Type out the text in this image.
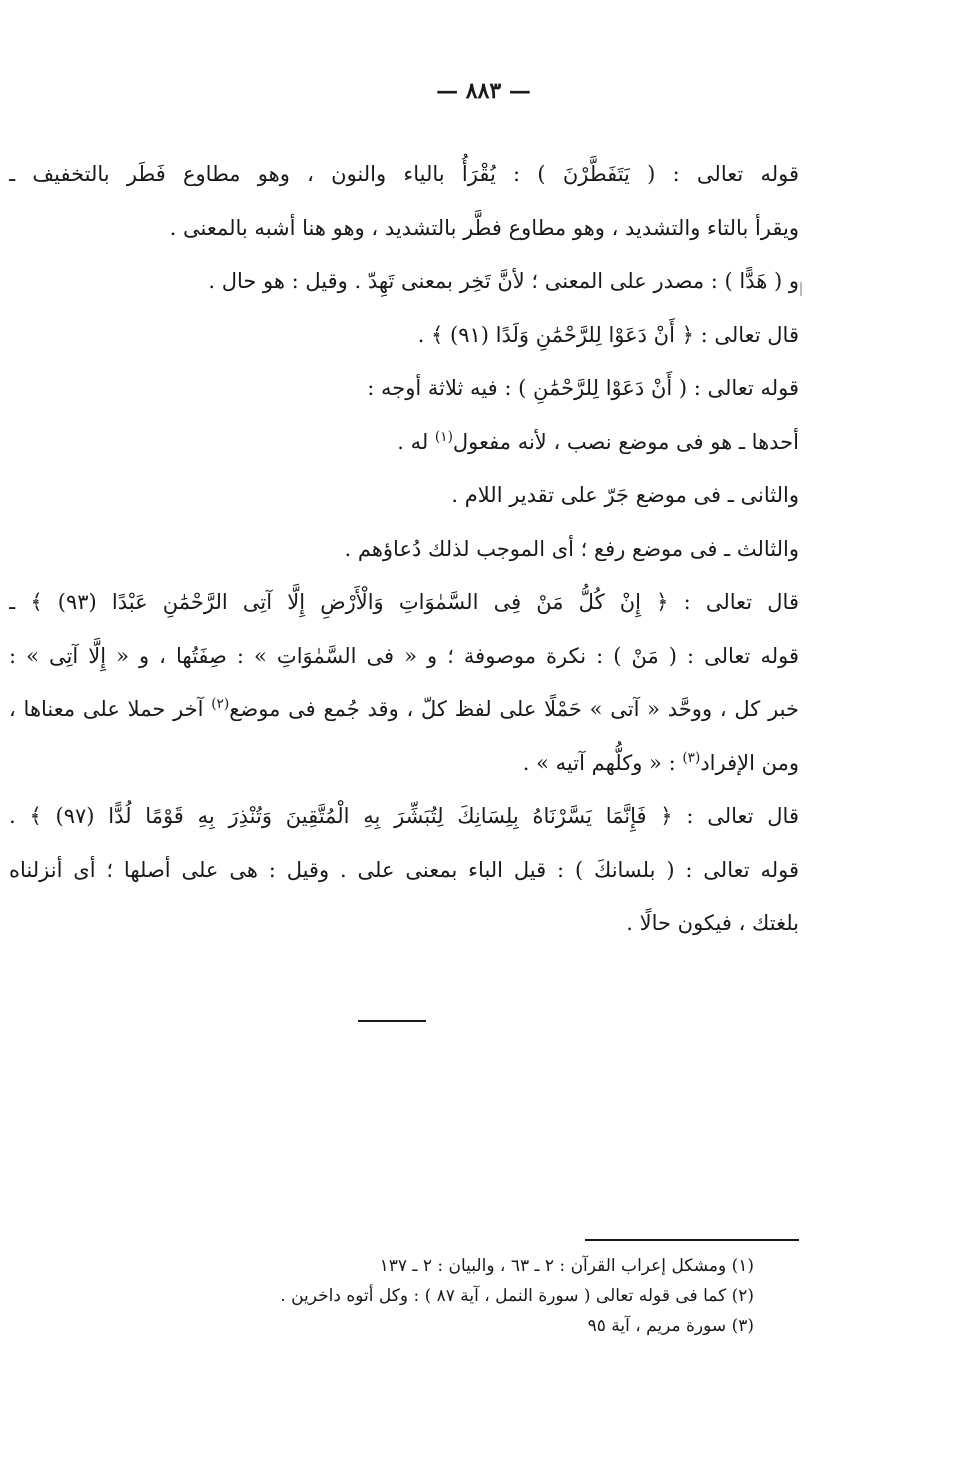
— ٨٨٣ —
قوله تعالى : ( يَتَفَطَّرْنَ ) : يُقْرَأُ بالياء والنون ، وهو مطاوع فَطَر بالتخفيف ـ
ويقرأ بالتاء والتشديد ، وهو مطاوع فطَّر بالتشديد ، وهو هنا أشبه بالمعنى .
و ( هَدًّا ) : مصدر على المعنى ؛ لأنَّ تَخِر بمعنى تَهِدّ . وقيل : هو حال .
قال تعالى : ﴿ أَنْ دَعَوْا لِلرَّحْمَٰنِ وَلَدًا (٩١) ﴾ .
قوله تعالى : ( أَنْ دَعَوْا لِلرَّحْمَٰنِ ) : فيه ثلاثة أوجه :
أحدها ـ هو فى موضع نصب ، لأنه مفعول$^{(١)}$ له .
والثانى ـ فى موضع جَرّ على تقدير اللام .
والثالث ـ فى موضع رفع ؛ أى الموجب لذلك دُعاؤهم .
قال تعالى : ﴿ إِنْ كُلُّ مَنْ فِى السَّمٰوَاتِ وَالْأَرْضِ إِلَّا آتِى الرَّحْمَٰنِ عَبْدًا (٩٣) ﴾ ـ
قوله تعالى : ( مَنْ ) : نكرة موصوفة ؛ و « فى السَّمٰوَاتِ » : صِفَتُها ، و « إِلَّا آتِى » :
خبر كل ، ووحَّد « آتى » حَمْلًا على لفظ كلّ ، وقد جُمع فى موضع$^{(٢)}$ آخر حملا على معناها ،
ومن الإفراد$^{(٣)}$ : « وكلُّهم آتيه » .
قال تعالى : ﴿ فَإِنَّمَا يَسَّرْنَاهُ بِلِسَانِكَ لِتُبَشِّرَ بِهِ الْمُتَّقِينَ وَتُنْذِرَ بِهِ قَوْمًا لُدًّا (٩٧) ﴾ .
قوله تعالى : ( بلسانكَ ) : قيل الباء بمعنى على . وقيل : هى على أصلها ؛ أى أنزلناه
بلغتك ، فيكون حالًا .
(١) ومشكل إعراب القرآن : ٢ ـ ٦٣ ، والبيان : ٢ ـ ١٣٧
(٢) كما فى قوله تعالى ( سورة النمل ، آية ٨٧ ) : وكل أتوه داخرين .
(٣) سورة مريم ، آية ٩٥
